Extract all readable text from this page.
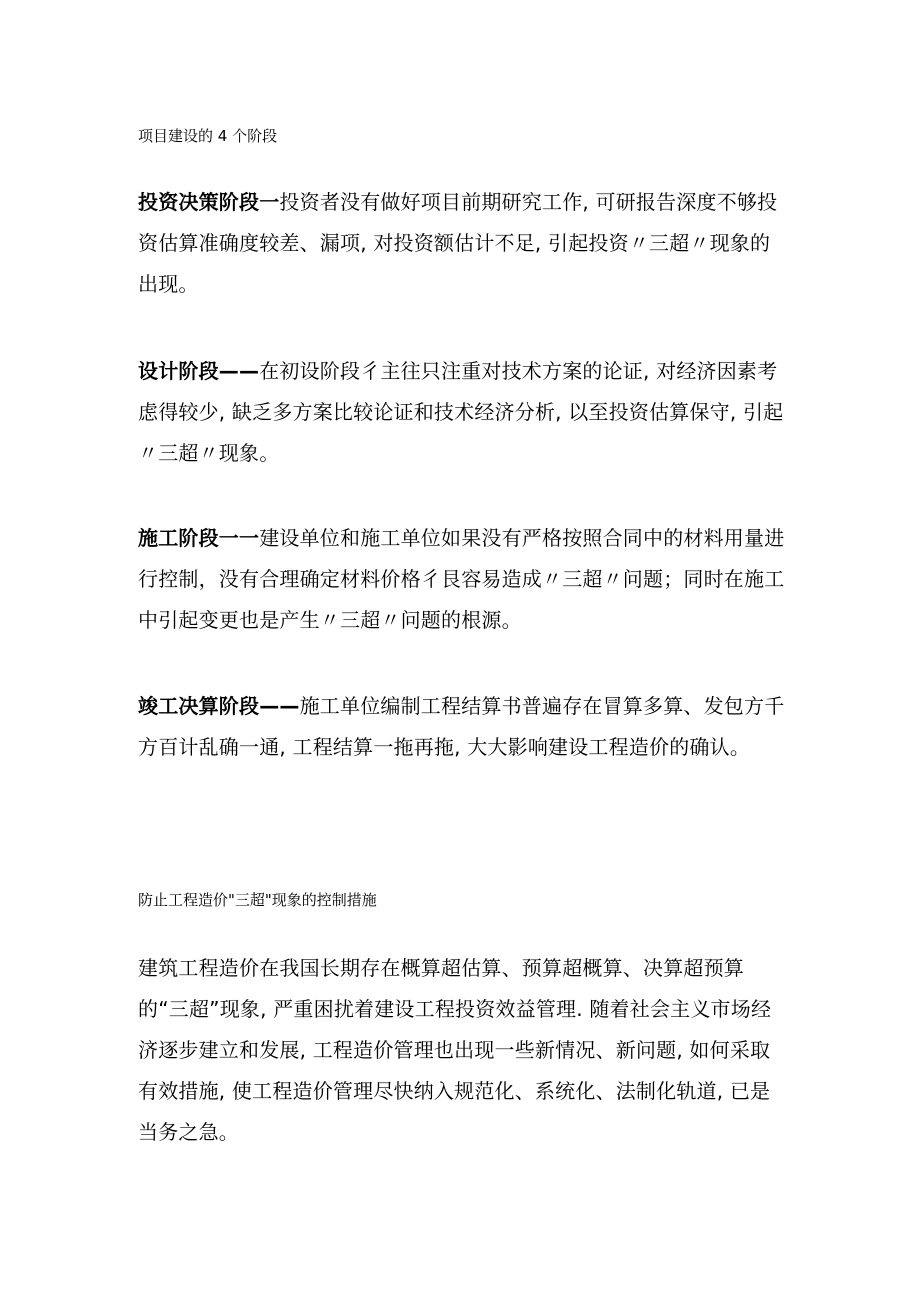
项目建设的 4 个阶段

投资决策阶段一投资者没有做好项目前期研究工作, 可研报告深度不够投资估算准确度较差、漏项, 对投资额估计不足, 引起投资〃三超〃现象的出现。

设计阶段——在初设阶段彳主往只注重对技术方案的论证, 对经济因素考虑得较少, 缺乏多方案比较论证和技术经济分析, 以至投资估算保守, 引起〃三超〃现象。

施工阶段一一建设单位和施工单位如果没有严格按照合同中的材料用量进行控制，没有合理确定材料价格彳艮容易造成〃三超〃问题；同时在施工中引起变更也是产生〃三超〃问题的根源。

竣工决算阶段——施工单位编制工程结算书普遍存在冒算多算、发包方千方百计乱确一通, 工程结算一拖再拖, 大大影响建设工程造价的确认。

防止工程造价"三超"现象的控制措施

建筑工程造价在我国长期存在概算超估算、预算超概算、决算超预算的“三超”现象, 严重困扰着建设工程投资效益管理. 随着社会主义市场经济逐步建立和发展, 工程造价管理也出现一些新情况、新问题, 如何采取有效措施, 使工程造价管理尽快纳入规范化、系统化、法制化轨道, 已是当务之急。
